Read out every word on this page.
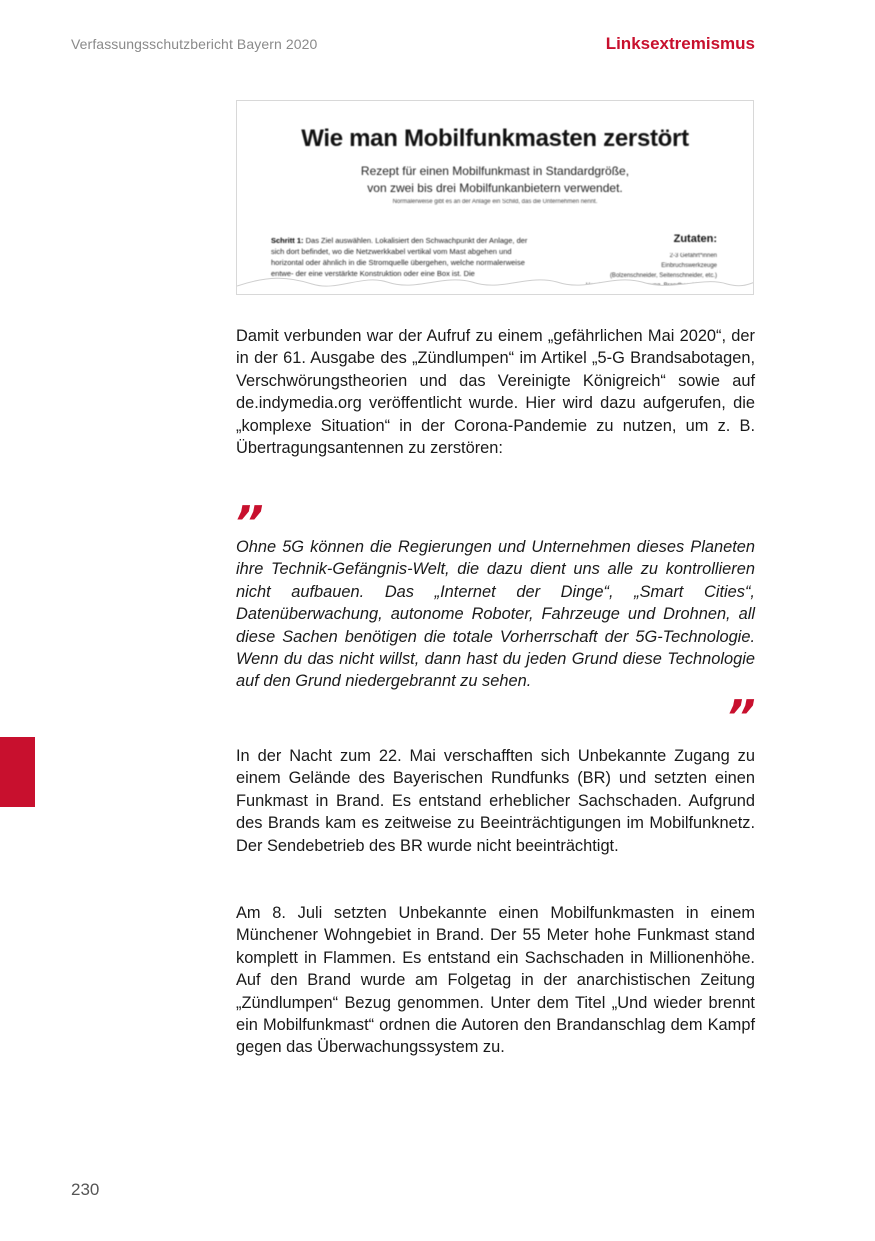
Verfassungsschutzbericht Bayern 2020	Linksextremismus
Wie man Mobilfunkmasten zerstört
Rezept für einen Mobilfunkmast in Standardgröße,
von zwei bis drei Mobilfunkanbietern verwendet.
Normalerweise gibt es an der Anlage ein Schild, das die Unternehmen nennt.
Schritt 1: Das Ziel auswählen. Lokalisiert den Schwachpunkt der Anlage, der sich dort befindet, wo die Netzwerkkabel vertikal vom Mast abgehen und horizontal oder ähnlich in die Stromquelle übergehen, welche normalerweise entwe- der eine verstärkte Konstruktion oder eine Box ist. Die
Zutaten:
2-3 Gefährt*innen
Einbruchswerkzeuge
(Bolzenschneider, Seitenschneider, etc.)

Damit verbunden war der Aufruf zu einem „gefährlichen Mai 2020“, der in der 61. Ausgabe des „Zündlumpen“ im Artikel „5-G Brandsabotagen, Verschwörungstheorien und das Vereinigte Königreich“ sowie auf de.indymedia.org veröffentlicht wurde. Hier wird dazu aufgerufen, die „komplexe Situation“ in der Corona-Pandemie zu nutzen, um z. B. Übertragungsantennen zu zerstören:

”

Ohne 5G können die Regierungen und Unternehmen dieses Planeten ihre Technik-Gefängnis-Welt, die dazu dient uns alle zu kontrollieren nicht aufbauen. Das „Internet der Dinge“, „Smart Cities“, Datenüberwachung, autonome Roboter, Fahrzeuge und Drohnen, all diese Sachen benötigen die totale Vorherrschaft der 5G-Technologie. Wenn du das nicht willst, dann hast du jeden Grund diese Technologie auf den Grund niedergebrannt zu sehen.

”

In der Nacht zum 22. Mai verschafften sich Unbekannte Zugang zu einem Gelände des Bayerischen Rundfunks (BR) und setzten einen Funkmast in Brand. Es entstand erheblicher Sachschaden. Aufgrund des Brands kam es zeitweise zu Beeinträchtigungen im Mobilfunknetz. Der Sendebetrieb des BR wurde nicht beeinträchtigt.

Am 8. Juli setzten Unbekannte einen Mobilfunkmasten in einem Münchener Wohngebiet in Brand. Der 55 Meter hohe Funkmast stand komplett in Flammen. Es entstand ein Sachschaden in Millionenhöhe. Auf den Brand wurde am Folgetag in der anarchistischen Zeitung „Zündlumpen“ Bezug genommen. Unter dem Titel „Und wieder brennt ein Mobilfunkmast“ ordnen die Autoren den Brandanschlag dem Kampf gegen das Überwachungssystem zu.

230
